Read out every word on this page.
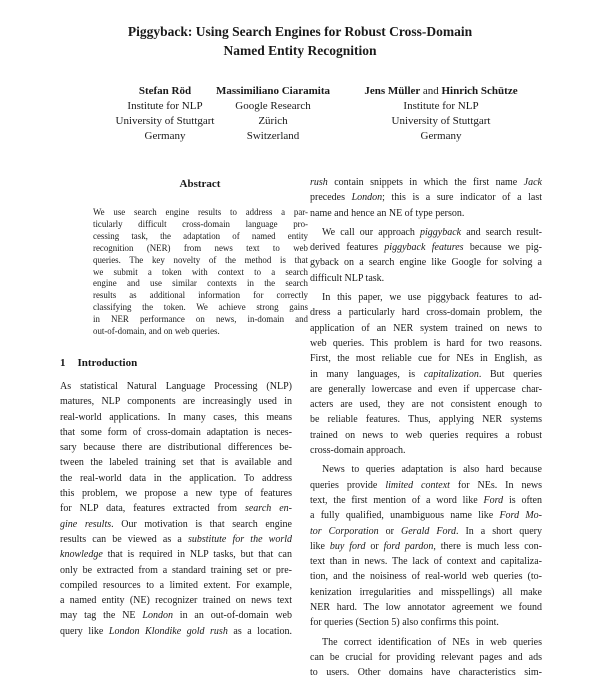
Piggyback: Using Search Engines for Robust Cross-Domain
Named Entity Recognition
Stefan Röd
Institute for NLP
University of Stuttgart
Germany
Massimiliano Ciaramita
Google Research
Zürich
Switzerland
Jens Müller and Hinrich Schütze
Institute for NLP
University of Stuttgart
Germany
Abstract
We use search engine results to address a par-
ticularly difficult cross-domain language pro-
cessing task, the adaptation of named entity
recognition (NER) from news text to web
queries. The key novelty of the method is that
we submit a token with context to a search
engine and use similar contexts in the search
results as additional information for correctly
classifying the token. We achieve strong gains
in NER performance on news, in-domain and
out-of-domain, and on web queries.
1 Introduction
As statistical Natural Language Processing (NLP)
matures, NLP components are increasingly used in
real-world applications. In many cases, this means
that some form of cross-domain adaptation is neces-
sary because there are distributional differences be-
tween the labeled training set that is available and
the real-world data in the application. To address
this problem, we propose a new type of features
for NLP data, features extracted from search en-
gine results. Our motivation is that search engine
results can be viewed as a substitute for the world
knowledge that is required in NLP tasks, but that can
only be extracted from a standard training set or pre-
compiled resources to a limited extent. For example,
a named entity (NE) recognizer trained on news text
may tag the NE London in an out-of-domain web
query like London Klondike gold rush as a location.
rush contain snippets in which the first name Jack
precedes London; this is a sure indicator of a last
name and hence an NE of type person.
We call our approach piggyback and search result-
derived features piggyback features because we pig-
gyback on a search engine like Google for solving a
difficult NLP task.
In this paper, we use piggyback features to ad-
dress a particularly hard cross-domain problem, the
application of an NER system trained on news to
web queries. This problem is hard for two reasons.
First, the most reliable cue for NEs in English, as
in many languages, is capitalization. But queries
are generally lowercase and even if uppercase char-
acters are used, they are not consistent enough to
be reliable features. Thus, applying NER systems
trained on news to web queries requires a robust
cross-domain approach.
News to queries adaptation is also hard because
queries provide limited context for NEs. In news
text, the first mention of a word like Ford is often
a fully qualified, unambiguous name like Ford Mo-
tor Corporation or Gerald Ford. In a short query
like buy ford or ford pardon, there is much less con-
text than in news. The lack of context and capitaliza-
tion, and the noisiness of real-world web queries (to-
kenization irregularities and misspellings) all make
NER hard. The low annotator agreement we found
for queries (Section 5) also confirms this point.
The correct identification of NEs in web queries
can be crucial for providing relevant pages and ads
to users. Other domains have characteristics sim-
